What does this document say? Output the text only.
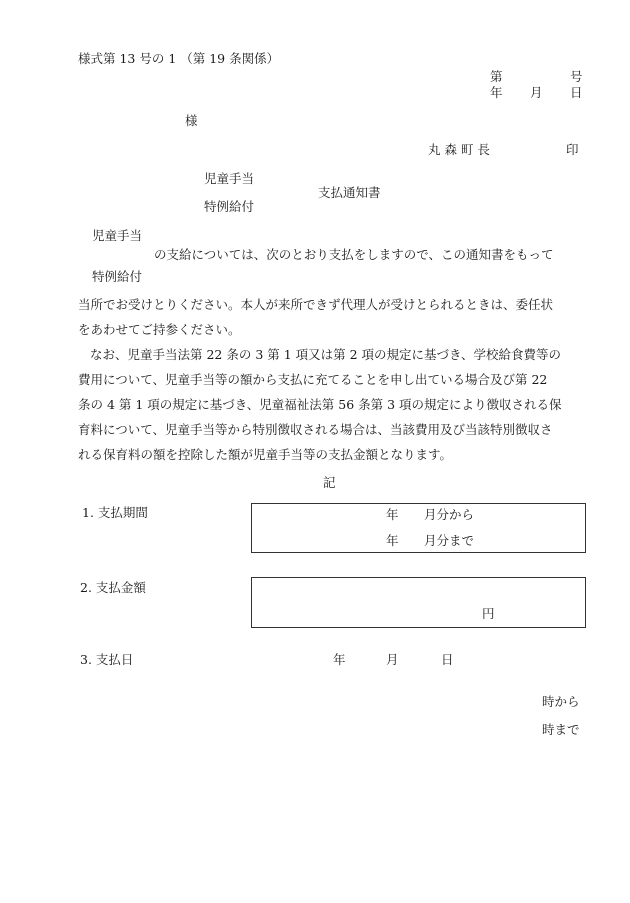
様式第 13 号の 1 （第 19 条関係）
第	号
年 月 日
様
丸 森 町 長	印
児童手当
支払通知書
特例給付
児童手当
の支給については、次のとおり支払をしますので、この通知書をもって
特例給付
当所でお受けとりください。本人が来所できず代理人が受けとられるときは、委任状
をあわせてご持参ください。
なお、児童手当法第 22 条の 3 第 1 項又は第 2 項の規定に基づき、学校給食費等の
費用について、児童手当等の額から支払に充てることを申し出ている場合及び第 22
条の 4 第 1 項の規定に基づき、児童福祉法第 56 条第 3 項の規定により徴収される保
育料について、児童手当等から特別徴収される場合は、当該費用及び当該特別徴収さ
れる保育料の額を控除した額が児童手当等の支払金額となります。
記
1. 支払期間	年 月分から
年 月分まで
2. 支払金額
円
3. 支払日	年	月	日
時から
時まで
